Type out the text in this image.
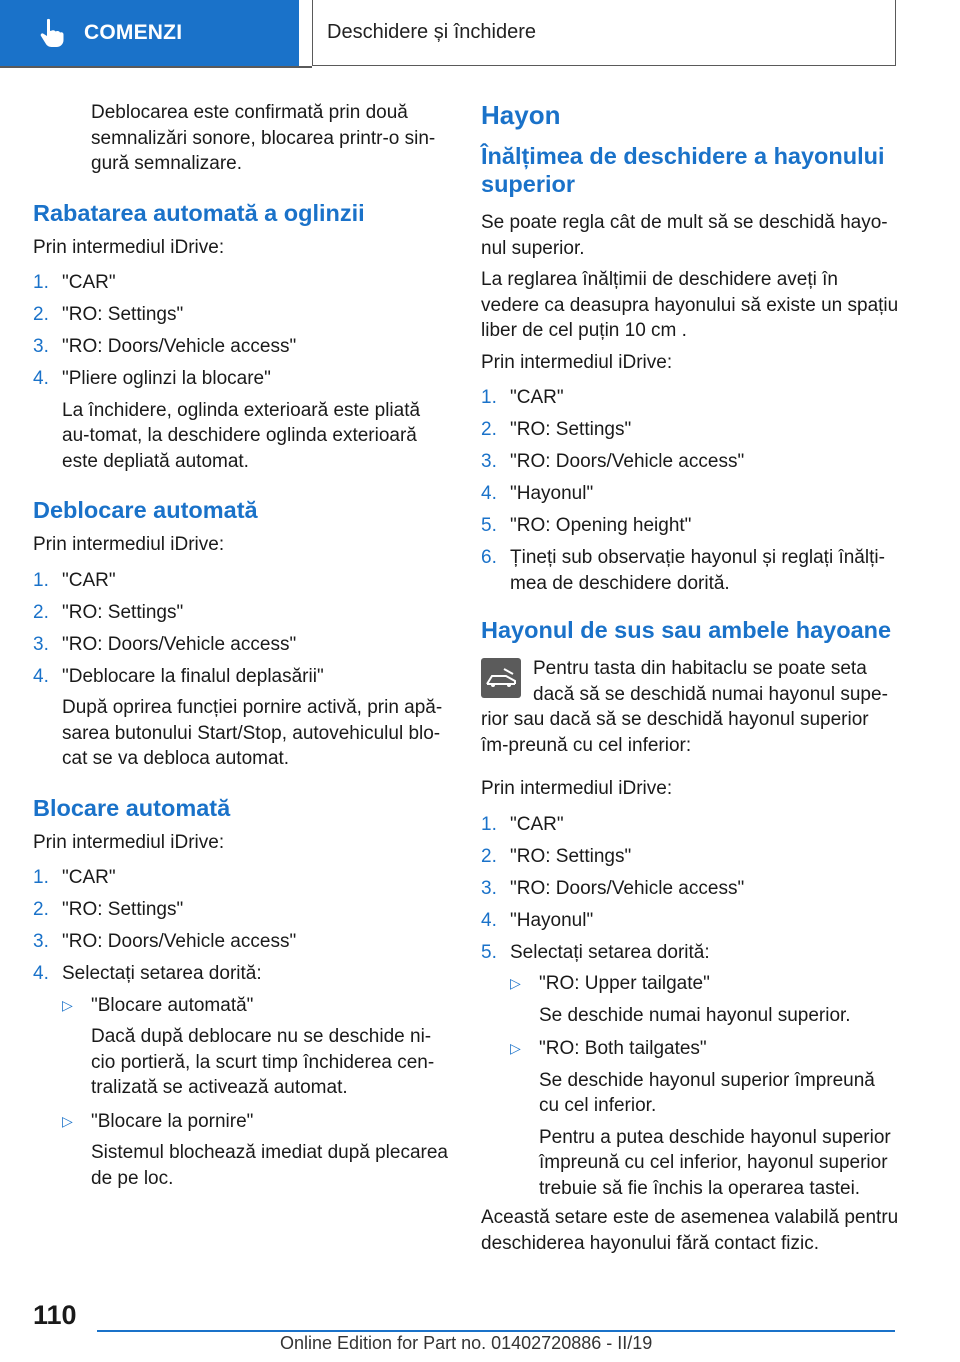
COMENZI	Deschidere și închidere

Deblocarea este confirmată prin două semnalizări sonore, blocarea printr-o sin-gură semnalizare.

Rabatarea automată a oglinzii

Prin intermediul iDrive:

1. "CAR"
2. "RO: Settings"
3. "RO: Doors/Vehicle access"
4. "Pliere oglinzi la blocare"
La închidere, oglinda exterioară este pliată au-tomat, la deschidere oglinda exterioară este depliată automat.
Deblocare automată

Prin intermediul iDrive:

1. "CAR"
2. "RO: Settings"
3. "RO: Doors/Vehicle access"
4. "Deblocare la finalul deplasării"
După oprirea funcției pornire activă, prin apă-sarea butonului Start/Stop, autovehiculul blo-cat se va debloca automat.
Blocare automată

Prin intermediul iDrive:

1. "CAR"
2. "RO: Settings"
3. "RO: Doors/Vehicle access"
4. Selectați setarea dorită:
▷ "Blocare automată"
Dacă după deblocare nu se deschide ni-cio portieră, la scurt timp închiderea cen-tralizată se activează automat.
▷ "Blocare la pornire"
Sistemul blochează imediat după plecarea de pe loc.
Hayon
Înălțimea de deschidere a hayonului superior

Se poate regla cât de mult să se deschidă hayo-nul superior.

La reglarea înălțimii de deschidere aveți în vedere ca deasupra hayonului să existe un spațiu liber de cel puțin 10 cm .

Prin intermediul iDrive:

1. "CAR"
2. "RO: Settings"
3. "RO: Doors/Vehicle access"
4. "Hayonul"
5. "RO: Opening height"
6. Țineți sub observație hayonul și reglați înălți-mea de deschidere dorită.
Hayonul de sus sau ambele hayoane
Pentru tasta din habitaclu se poate seta dacă să se deschidă numai hayonul supe-rior sau dacă să se deschidă hayonul superior îm-preună cu cel inferior:

Prin intermediul iDrive:

1. "CAR"
2. "RO: Settings"
3. "RO: Doors/Vehicle access"
4. "Hayonul"
5. Selectați setarea dorită:
▷ "RO: Upper tailgate"
Se deschide numai hayonul superior.
▷ "RO: Both tailgates"
Se deschide hayonul superior împreună cu cel inferior.
Pentru a putea deschide hayonul superior împreună cu cel inferior, hayonul superior trebuie să fie închis la operarea tastei.

Această setare este de asemenea valabilă pentru deschiderea hayonului fără contact fizic.

110
Online Edition for Part no. 01402720886 - II/19
